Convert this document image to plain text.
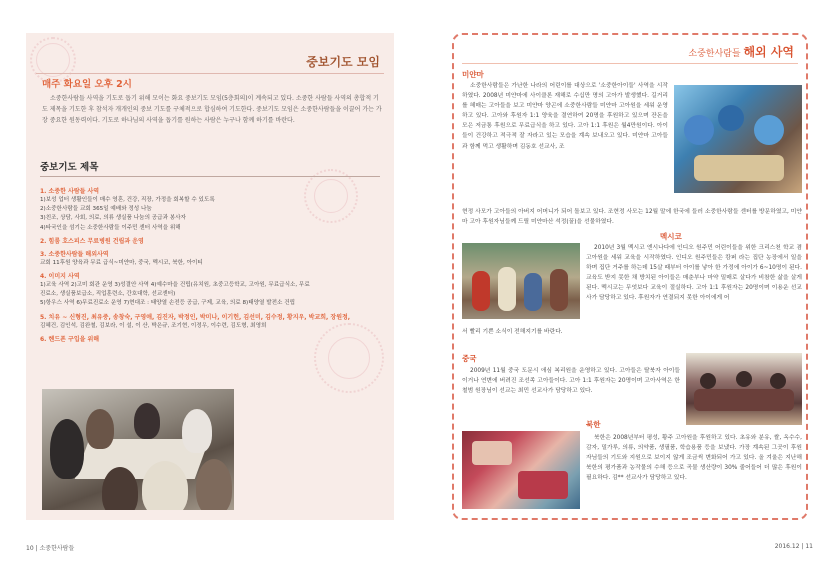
중보기도 모임
매주 화요일 오후 2시

소중한사람들 사역을 기도로 돕기 위해 모이는 화요 중보기도 모임(5층회의)이 계속되고 있다. 소중한 사람들 사역의 총합적 기도 제목을 기도한 후 참석자 개개인의 중보 기도를 구체적으로 합심하여 기도한다. 중보기도 모임은 소중한사람들을 이끌어 가는 가장 중요한 원동력이다. 기도로 하나님의 사역을 돕기를 원하는 사람은 누구나 함께 하기를 바란다.

중보기도 제목
1. 소중한 사람들 사역
1)보성 업터 생활인들이 매수 영혼, 건강, 직장, 가정을 회복할 수 있도록
2)소중한사람들 교회 365일 예배와 정성 나눔
3)친조, 상담, 사회, 의료, 의류 생실품 나눔의 공급과 봉사자
4)타국인을 섬기는 소중한사람들 이주민 센터 사역을 위해
2. 힘룸 호스피스 무료병원 건립과 운영
3. 소중한사람들 해외사역
교회 11후원 양육과 무료 급식~미얀마, 중국, 멕시코, 북한, 아이티
4. 이미지 사역
1)교육 사역 2)고미 회관 운영 3)성결안 사역 4)예수마을 건립(유치원, 초중고등학교, 고아원, 무료급식소, 무료
진료소, 생실품보급소, 직업훈련소, 간호대학, 선교센터)
5)항우스 사역 6)무료진료소 운영 7)현대조 : 태양열 손전등 공급, 구제, 교육, 의료 8)태양열 발전소 건립
5. 치유 ~ 신형진, 최유중, 송창숙, 구영애, 김진자, 박정인, 박미나, 이기헌, 김선미, 김수정, 황지우, 박교희, 장원정,
김혜건, 김인석, 김완철, 김보라, 이 설, 이 산, 박은규, 조기현, 이정우, 이수련, 김도형, 최영희
6. 헨드폰 구입을 위해
10 | 소중한사람들
소중한사람들 해외 사역
미얀마

소중한사람들은 가난한 나라의 어린이를 대상으로 '소중한아이들' 사역을 시작하였다. 2008년 미얀마에 사이클론 재해로 수십만 명의 고아가 발생했다. 길거리를 헤매는 고아들을 보고 미얀마 양곤에 소중한사람들 미얀마 고아원을 세워 운영하고 있다. 고아와 후원자 1:1 양육을 결연하여 20명을 후원하고 있으며 잔돈을 모은 저금통 후원으로 무료급식을 하고 있다. 고아 1:1 후원은 월4만원이다. 아이들이 건강하고 적극적 잘 자라고 있는 모습을 계속 보내오고 있다. 미얀마 고아들과 함께 먹고 생활하며 김동호 선교사, 조

현정 사모가 고아들의 아버지 어머니가 되어 돌보고 있다. 조현정 사모는 12월 말에 한국에 들러 소중한사람들 센터를 방문하였고, 미얀마 고아 후원자님들께 드릴 미얀마산 석정(꿀)을 선물하였다.

멕시코

2010년 3월 멕시코 엔시나다에 인디오 원주민 어린이들을 위한 크리스천 학교 겸 고아원을 세워 교육을 시작하였다. 인디오 원주민들은 캄퍼 라는 집단 농장에서 일을 하며 집단 거주를 하는데 15살 때부터 아이를 낳아 한 가정에 아이가 6~10명이 된다. 교육도 받지 못한 채 방치된 아이들은 매춘부나 마약 밀매로 살다가 비참한 삶을 살게 된다. 멕시코는 무엇보다 교육이 절실하다. 고아 1:1 후원자는 20명이며 이용운 선교사가 담당하고 있다. 후원자가 연결되지 못한 아이에게 어

서 빨리 기쁜 소식이 전해지기를 바란다.

중국

2009년 11월 중국 도문시 애심 복리원을 운영하고 있다. 고아들은 탈북자 아이들이거나 연변에 버려진 조선족 고아들이다. 고아 1:1 후원자는 20명이며 고아사역은 한철범 원장님이 선교는 최민 선교사가 담당하고 있다.

북한

북한은 2008년부터 평성, 황주 고아원을 후원하고 있다. 초유와 분유, 쌀, 옥수수, 감자, 밀가루, 의류, 의약품, 생필품, 학습용품 등을 보냈다. 가장 계속된 그곳이 후원자님들의 기도와 지원으로 보이지 않게 조금씩 변화되어 가고 있다. 올 겨울은 지난해 북한의 평가품과 농작물의 수해 등으로 곡물 생산량이 30% 줄어들어 더 많은 후원이 필요하다. 김** 선교사가 담당하고 있다.

2016.12 | 11
